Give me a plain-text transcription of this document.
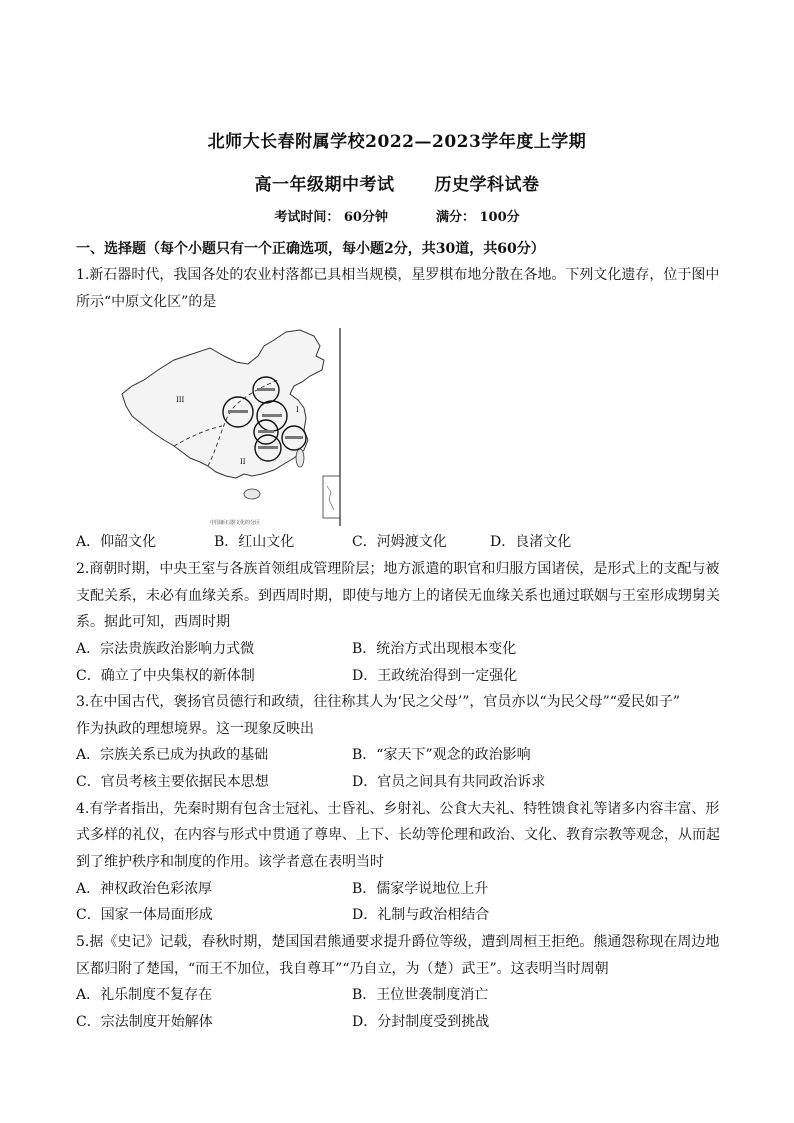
北师大长春附属学校2022—2023学年度上学期
高一年级期中考试 历史学科试卷
考试时间： 60分钟	满分： 100分
一、选择题（每个小题只有一个正确选项，每小题2分，共30道，共60分）
1.新石器时代，我国各处的农业村落都已具相当规模，星罗棋布地分散在各地。下列文化遗存，位于图中
所示“中原文化区”的是
III
I
II
中国新石器文化的分区
A．仰韶文化	B．红山文化	C．河姆渡文化	D．良渚文化
2.商朝时期，中央王室与各族首领组成管理阶层；地方派遣的职官和归服方国诸侯，是形式上的支配与被
支配关系，未必有血缘关系。到西周时期，即使与地方上的诸侯无血缘关系也通过联姻与王室形成甥舅关
系。据此可知，西周时期
A．宗法贵族政治影响力式微	B．统治方式出现根本变化
C．确立了中央集权的新体制	D．王政统治得到一定强化
3.在中国古代，褒扬官员德行和政绩，往往称其人为‘民之父母’”，官员亦以“为民父母”“爱民如子”
作为执政的理想境界。这一现象反映出
A．宗族关系已成为执政的基础	B．“家天下”观念的政治影响
C．官员考核主要依据民本思想	D．官员之间具有共同政治诉求
4.有学者指出，先秦时期有包含士冠礼、士昏礼、乡射礼、公食大夫礼、特牲馈食礼等诸多内容丰富、形
式多样的礼仪，在内容与形式中贯通了尊卑、上下、长幼等伦理和政治、文化、教育宗教等观念，从而起
到了维护秩序和制度的作用。该学者意在表明当时
A．神权政治色彩浓厚	B．儒家学说地位上升
C．国家一体局面形成	D．礼制与政治相结合
5.据《史记》记载，春秋时期，楚国国君熊通要求提升爵位等级，遭到周桓王拒绝。熊通怨称现在周边地
区都归附了楚国，“而王不加位，我自尊耳”“乃自立，为（楚）武王”。这表明当时周朝
A．礼乐制度不复存在	B．王位世袭制度消亡
C．宗法制度开始解体	D．分封制度受到挑战
